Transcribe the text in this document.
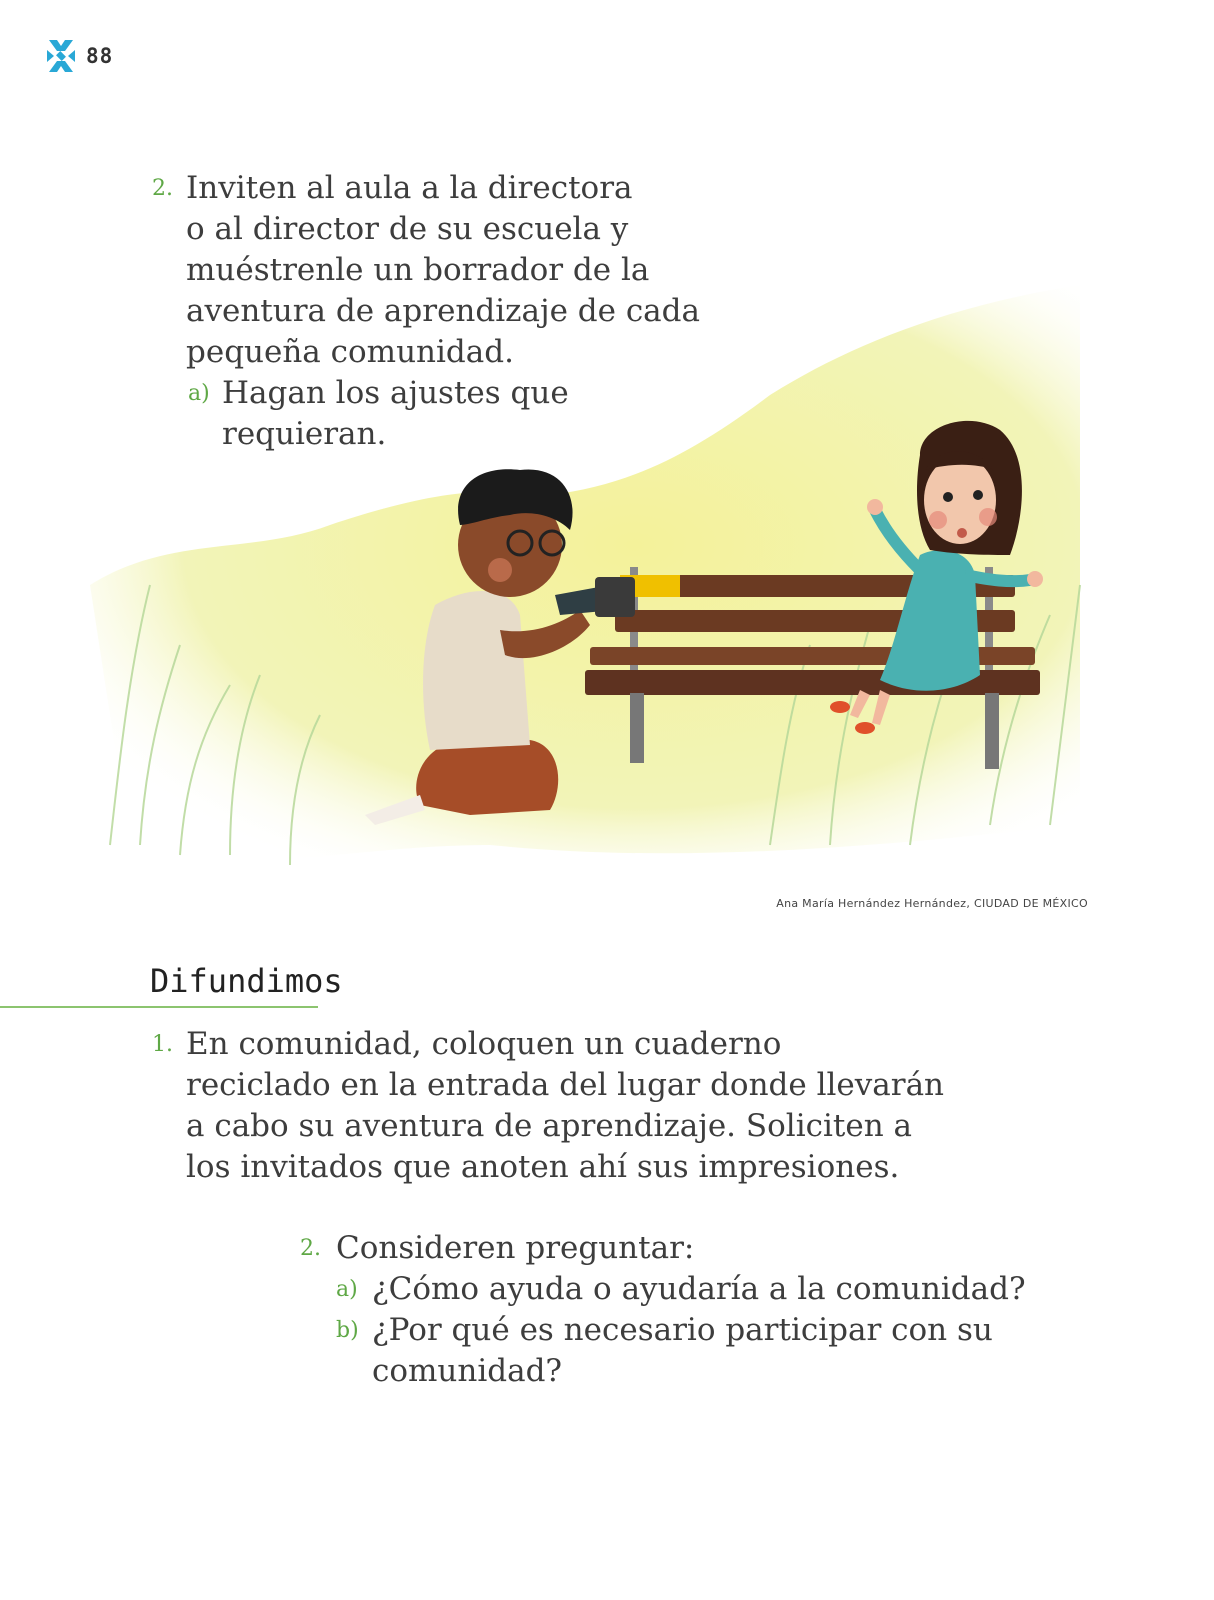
88
2. Inviten al aula a la directora
o al director de su escuela y
muéstrenle un borrador de la
aventura de aprendizaje de cada
pequeña comunidad.
a) Hagan los ajustes que
requieran.
Ana María Hernández Hernández, CIUDAD DE MÉXICO
Difundimos
1. En comunidad, coloquen un cuaderno
reciclado en la entrada del lugar donde llevarán
a cabo su aventura de aprendizaje. Soliciten a
los invitados que anoten ahí sus impresiones.
2. Consideren preguntar:
a) ¿Cómo ayuda o ayudaría a la comunidad?
b) ¿Por qué es necesario participar con su
comunidad?
